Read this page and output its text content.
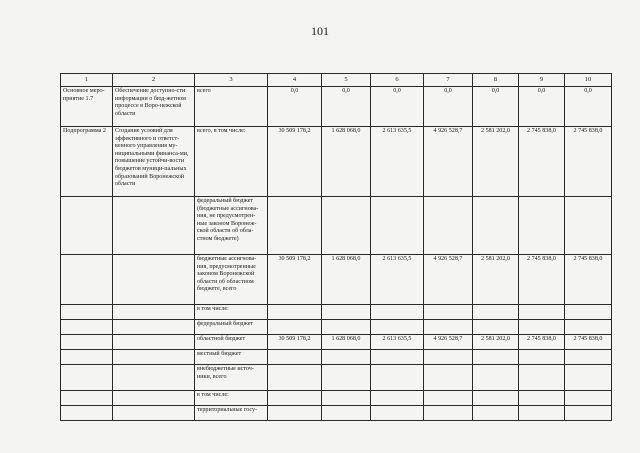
101
1	2	3	4	5	6	7	8	9	10
Основное меро-приятие 1.7	Обеспечение доступно-сти информации о бюд-жетном процессе в Воро-нежской области	всего	0,0	0,0	0,0	0,0	0,0	0,0	0,0
Подпрограмма 2	Создание условий для эффективного и ответст-венного управления му-ниципальными финанса-ми, повышение устойчи-вости бюджетов муници-пальных образований Воронежской области	всего, в том числе:	30 509 178,2	1 628 068,0	2 613 635,5	4 926 528,7	2 581 202,0	2 745 838,0	2 745 838,0
		федеральный бюджет (бюджетные ассигнова-ния, не предусмотрен-ные законом Воронеж-ской области об обла-стном бюджете)							
		бюджетные ассигнова-ния, предусмотренные законом Воронежской области об областном бюджете, всего	30 509 178,2	1 628 068,0	2 613 635,5	4 926 528,7	2 581 202,0	2 745 838,0	2 745 838,0
		в том числе:							
		федеральный бюджет							
		областной бюджет	30 509 178,2	1 628 068,0	2 613 635,5	4 926 528,7	2 581 202,0	2 745 838,0	2 745 838,0
		местный бюджет							
		внебюджетные источ-ники, всего							
		в том числе:							
		территориальные госу-							
